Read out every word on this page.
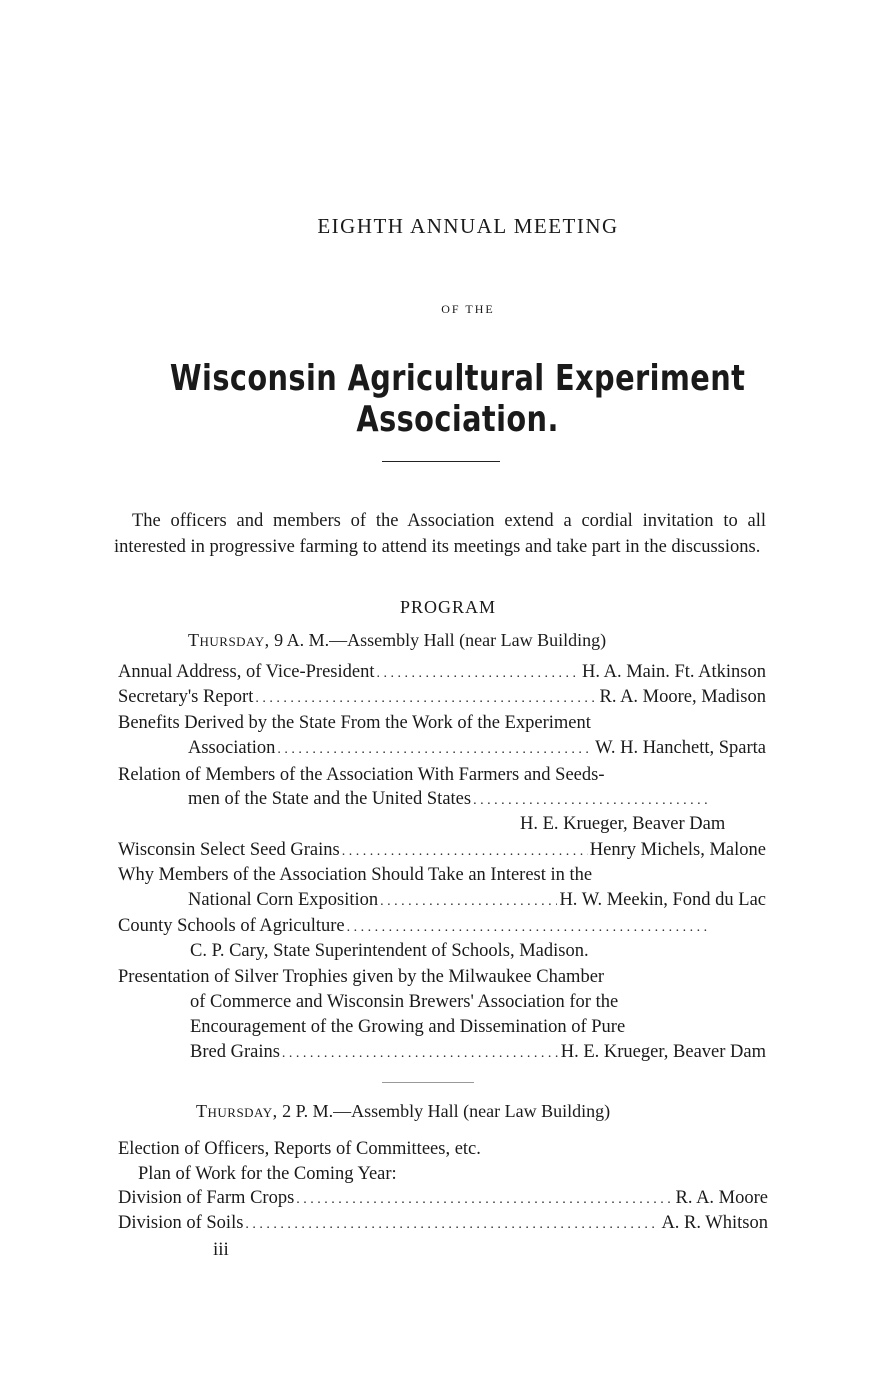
EIGHTH ANNUAL MEETING
OF THE
Wisconsin Agricultural Experiment Association.
The officers and members of the Association extend a cordial invitation to all interested in progressive farming to attend its meetings and take part in the discussions.
PROGRAM
Thursday, 9 A. M.—Assembly Hall (near Law Building)
Annual Address, of Vice-President . . .	H. A. Main. Ft. Atkinson
Secretary's Report . . .	R. A. Moore, Madison
Benefits Derived by the State From the Work of the Experiment
Association . . .	W. H. Hanchett, Sparta
Relation of Members of the Association With Farmers and Seeds-
men of the State and the United States
. . .
H. E. Krueger, Beaver Dam
Wisconsin Select Seed Grains . . .	Henry Michels, Malone
Why Members of the Association Should Take an Interest in the
National Corn Exposition . . .	H. W. Meekin, Fond du Lac
County Schools of Agriculture
. . .
C. P. Cary, State Superintendent of Schools, Madison.
Presentation of Silver Trophies given by the Milwaukee Chamber
of Commerce and Wisconsin Brewers' Association for the
Encouragement of the Growing and Dissemination of Pure
Bred Grains . . .	H. E. Krueger, Beaver Dam
Thursday, 2 P. M.—Assembly Hall (near Law Building)
Election of Officers, Reports of Committees, etc.
Plan of Work for the Coming Year:
Division of Farm Crops . . .	R. A. Moore
Division of Soils . . .	A. R. Whitson
iii
